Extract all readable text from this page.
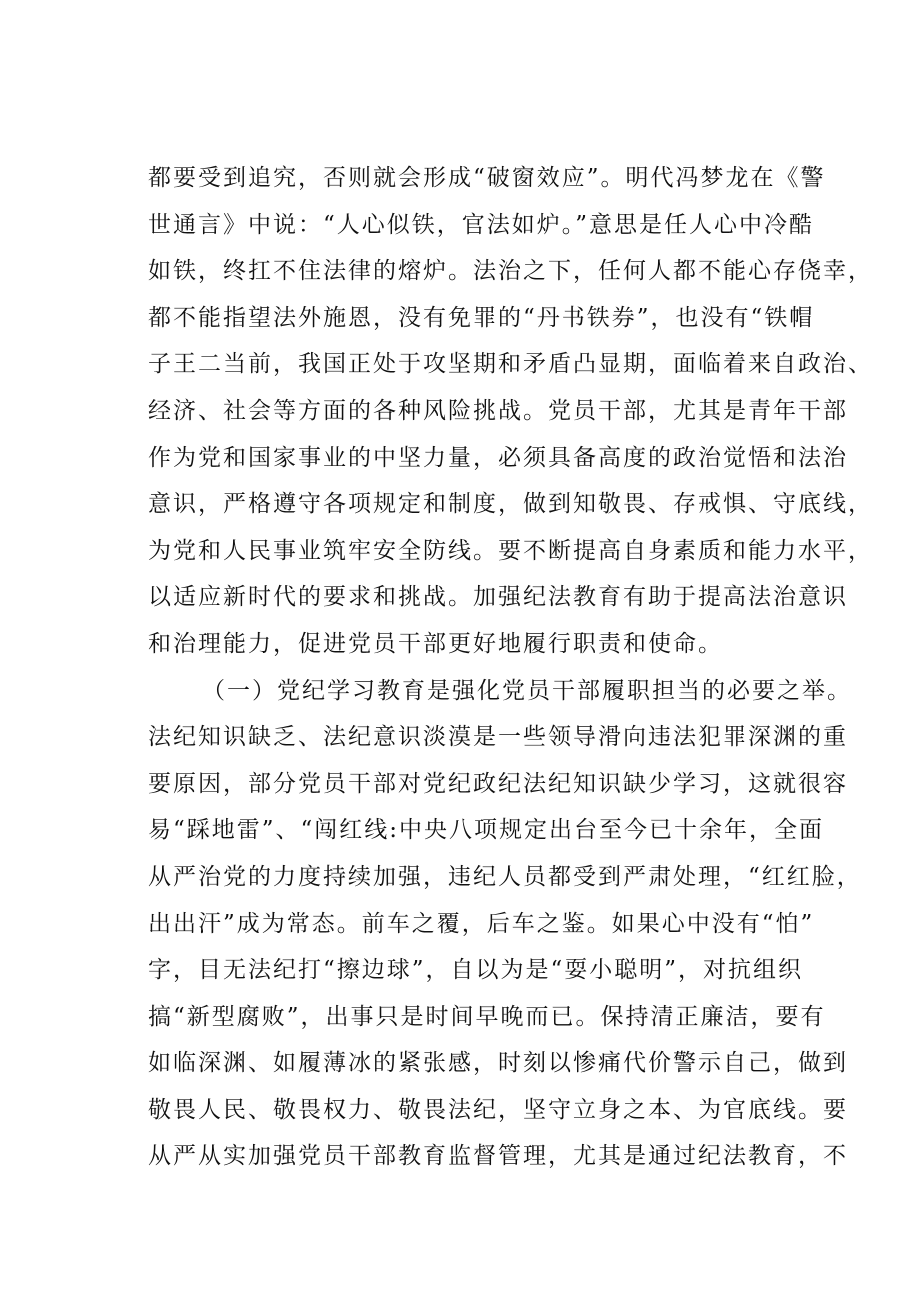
都要受到追究，否则就会形成“破窗效应”。明代冯梦龙在《警
世通言》中说：“人心似铁，官法如炉。”意思是任人心中冷酷
如铁，终扛不住法律的熔炉。法治之下，任何人都不能心存侥幸，
都不能指望法外施恩，没有免罪的“丹书铁券”，也没有“铁帽
子王二当前，我国正处于攻坚期和矛盾凸显期，面临着来自政治、
经济、社会等方面的各种风险挑战。党员干部，尤其是青年干部
作为党和国家事业的中坚力量，必须具备高度的政治觉悟和法治
意识，严格遵守各项规定和制度，做到知敬畏、存戒惧、守底线，
为党和人民事业筑牢安全防线。要不断提高自身素质和能力水平，
以适应新时代的要求和挑战。加强纪法教育有助于提高法治意识
和治理能力，促进党员干部更好地履行职责和使命。
（一）党纪学习教育是强化党员干部履职担当的必要之举。
法纪知识缺乏、法纪意识淡漠是一些领导滑向违法犯罪深渊的重
要原因，部分党员干部对党纪政纪法纪知识缺少学习，这就很容
易“踩地雷”、“闯红线:中央八项规定出台至今已十余年，全面
从严治党的力度持续加强，违纪人员都受到严肃处理，“红红脸，
出出汗”成为常态。前车之覆，后车之鉴。如果心中没有“怕”
字，目无法纪打“擦边球”，自以为是“耍小聪明”，对抗组织
搞“新型腐败”，出事只是时间早晚而已。保持清正廉洁，要有
如临深渊、如履薄冰的紧张感，时刻以惨痛代价警示自己，做到
敬畏人民、敬畏权力、敬畏法纪，坚守立身之本、为官底线。要
从严从实加强党员干部教育监督管理，尤其是通过纪法教育，不
